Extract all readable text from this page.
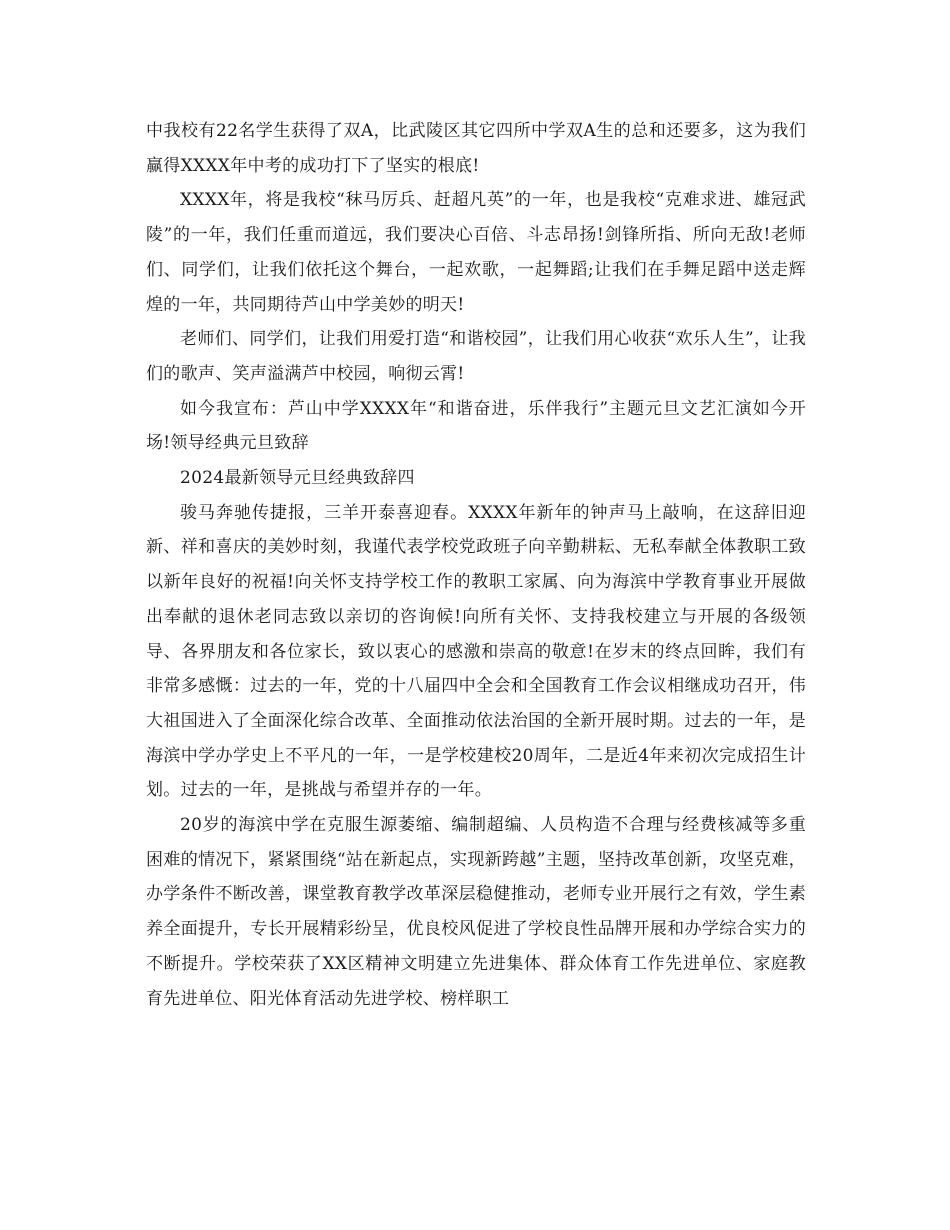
中我校有22名学生获得了双A，比武陵区其它四所中学双A生的总和还要多，这为我们赢得XXXX年中考的成功打下了坚实的根底!

XXXX年，将是我校“秣马厉兵、赶超凡英”的一年，也是我校“克难求进、雄冠武陵”的一年，我们任重而道远，我们要决心百倍、斗志昂扬!剑锋所指、所向无敌!老师们、同学们，让我们依托这个舞台，一起欢歌，一起舞蹈;让我们在手舞足蹈中送走辉煌的一年，共同期待芦山中学美妙的明天!

老师们、同学们，让我们用爱打造“和谐校园”，让我们用心收获“欢乐人生”，让我们的歌声、笑声溢满芦中校园，响彻云霄!

如今我宣布：芦山中学XXXX年“和谐奋进，乐伴我行”主题元旦文艺汇演如今开场!领导经典元旦致辞

2024最新领导元旦经典致辞四

骏马奔驰传捷报，三羊开泰喜迎春。XXXX年新年的钟声马上敲响，在这辞旧迎新、祥和喜庆的美妙时刻，我谨代表学校党政班子向辛勤耕耘、无私奉献全体教职工致以新年良好的祝福!向关怀支持学校工作的教职工家属、向为海滨中学教育事业开展做出奉献的退休老同志致以亲切的咨询候!向所有关怀、支持我校建立与开展的各级领导、各界朋友和各位家长，致以衷心的感激和崇高的敬意!在岁末的终点回眸，我们有非常多感慨：过去的一年，党的十八届四中全会和全国教育工作会议相继成功召开，伟大祖国进入了全面深化综合改革、全面推动依法治国的全新开展时期。过去的一年，是海滨中学办学史上不平凡的一年，一是学校建校20周年，二是近4年来初次完成招生计划。过去的一年，是挑战与希望并存的一年。

20岁的海滨中学在克服生源萎缩、编制超编、人员构造不合理与经费核减等多重困难的情况下，紧紧围绕“站在新起点，实现新跨越”主题，坚持改革创新，攻坚克难，办学条件不断改善，课堂教育教学改革深层稳健推动，老师专业开展行之有效，学生素养全面提升，专长开展精彩纷呈，优良校风促进了学校良性品牌开展和办学综合实力的不断提升。学校荣获了XX区精神文明建立先进集体、群众体育工作先进单位、家庭教育先进单位、阳光体育活动先进学校、榜样职工
